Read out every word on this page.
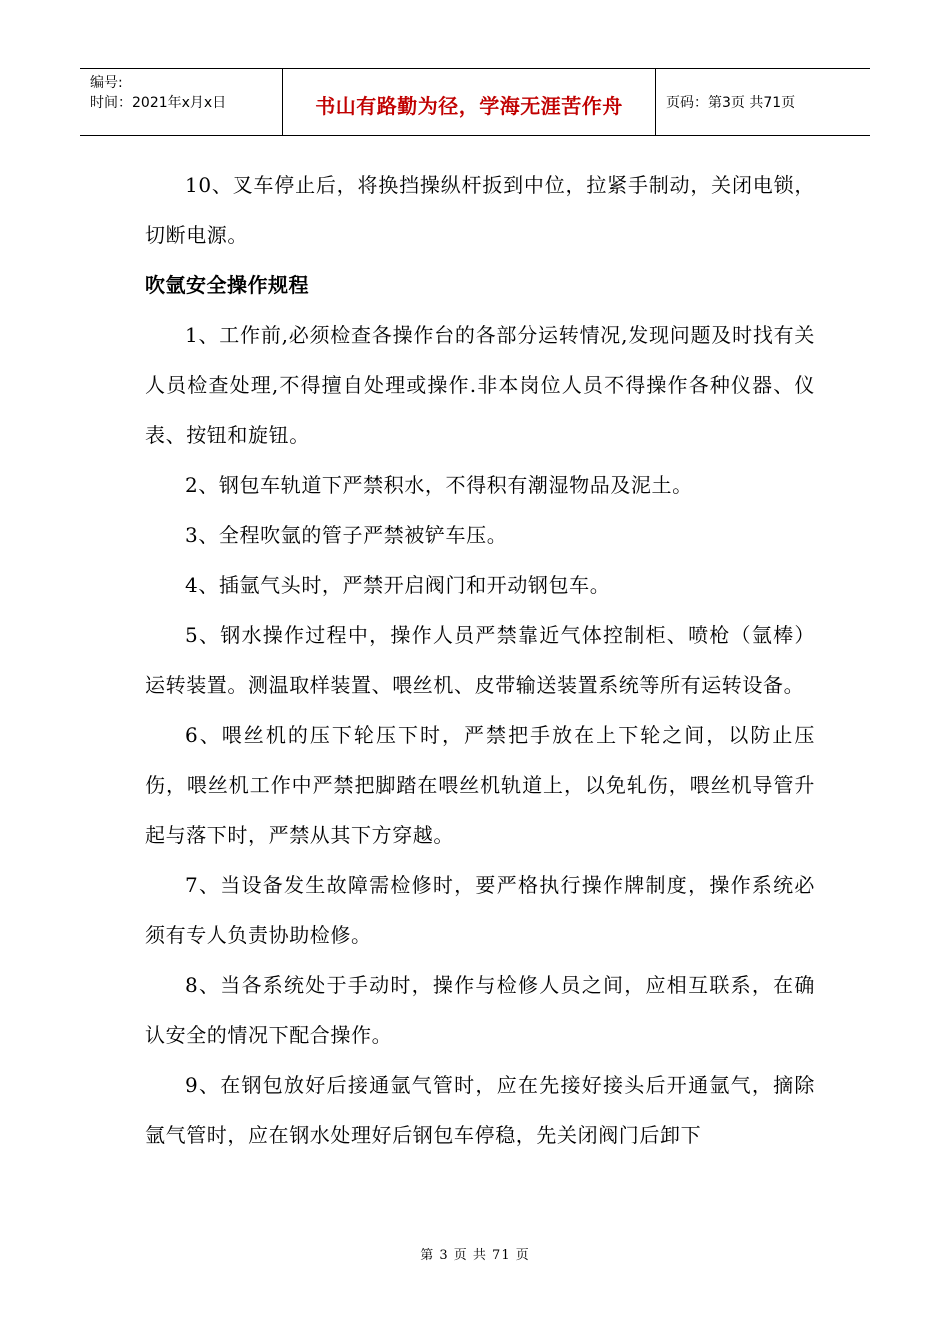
编号:
时间：2021年x月x日	书山有路勤为径，学海无涯苦作舟	页码：第3页 共71页

10、叉车停止后，将换挡操纵杆扳到中位，拉紧手制动，关闭电锁，切断电源。

吹氩安全操作规程

1、工作前,必须检查各操作台的各部分运转情况,发现问题及时找有关人员检查处理,不得擅自处理或操作.非本岗位人员不得操作各种仪器、仪表、按钮和旋钮。

2、钢包车轨道下严禁积水，不得积有潮湿物品及泥土。

3、全程吹氩的管子严禁被铲车压。

4、插氩气头时，严禁开启阀门和开动钢包车。

5、钢水操作过程中，操作人员严禁靠近气体控制柜、喷枪（氩棒）运转装置。测温取样装置、喂丝机、皮带输送装置系统等所有运转设备。

6、喂丝机的压下轮压下时，严禁把手放在上下轮之间，以防止压伤，喂丝机工作中严禁把脚踏在喂丝机轨道上，以免轧伤，喂丝机导管升起与落下时，严禁从其下方穿越。

7、当设备发生故障需检修时，要严格执行操作牌制度，操作系统必须有专人负责协助检修。

8、当各系统处于手动时，操作与检修人员之间，应相互联系，在确认安全的情况下配合操作。

9、在钢包放好后接通氩气管时，应在先接好接头后开通氩气，摘除氩气管时，应在钢水处理好后钢包车停稳，先关闭阀门后卸下

第 3 页 共 71 页
